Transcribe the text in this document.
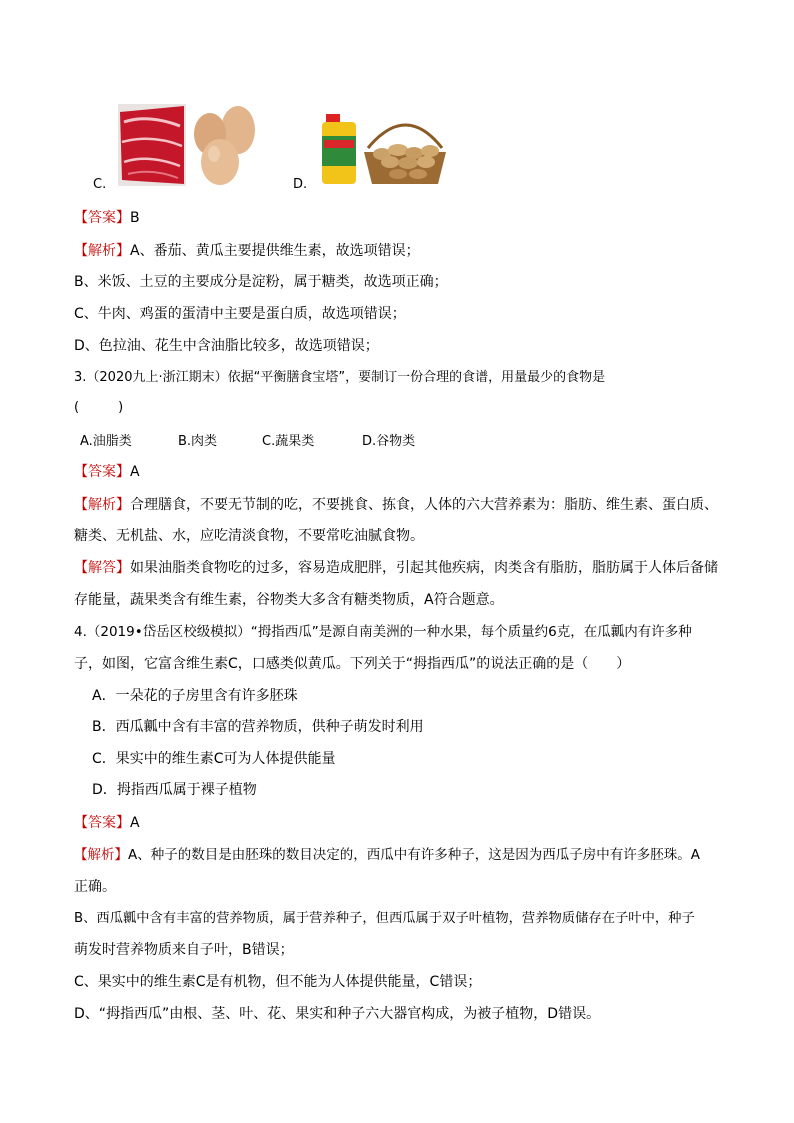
C.	D.
【答案】B
【解析】A、番茄、黄瓜主要提供维生素，故选项错误；
B、米饭、土豆的主要成分是淀粉，属于糖类，故选项正确；
C、牛肉、鸡蛋的蛋清中主要是蛋白质，故选项错误；
D、色拉油、花生中含油脂比较多，故选项错误；
3.（2020九上·浙江期末）依据“平衡膳食宝塔”，要制订一份合理的食谱，用量最少的食物是
(　　　)
A.油脂类	B.肉类	C.蔬果类	D.谷物类
【答案】A
【解析】合理膳食，不要无节制的吃，不要挑食、拣食，人体的六大营养素为：脂肪、维生素、蛋白质、
糖类、无机盐、水，应吃清淡食物，不要常吃油腻食物。
【解答】如果油脂类食物吃的过多，容易造成肥胖，引起其他疾病，肉类含有脂肪，脂肪属于人体后备储
存能量，蔬果类含有维生素，谷物类大多含有糖类物质，A符合题意。
4.（2019•岱岳区校级模拟）“拇指西瓜”是源自南美洲的一种水果，每个质量约6克，在瓜瓤内有许多种
子，如图，它富含维生素C，口感类似黄瓜。下列关于“拇指西瓜”的说法正确的是（　　）
A．一朵花的子房里含有许多胚珠
B．西瓜瓤中含有丰富的营养物质，供种子萌发时利用
C．果实中的维生素C可为人体提供能量
D．拇指西瓜属于裸子植物
【答案】A
【解析】A、种子的数目是由胚珠的数目决定的，西瓜中有许多种子，这是因为西瓜子房中有许多胚珠。A
正确。
B、西瓜瓤中含有丰富的营养物质，属于营养种子，但西瓜属于双子叶植物，营养物质储存在子叶中，种子
萌发时营养物质来自子叶，B错误；
C、果实中的维生素C是有机物，但不能为人体提供能量，C错误；
D、“拇指西瓜”由根、茎、叶、花、果实和种子六大器官构成，为被子植物，D错误。
